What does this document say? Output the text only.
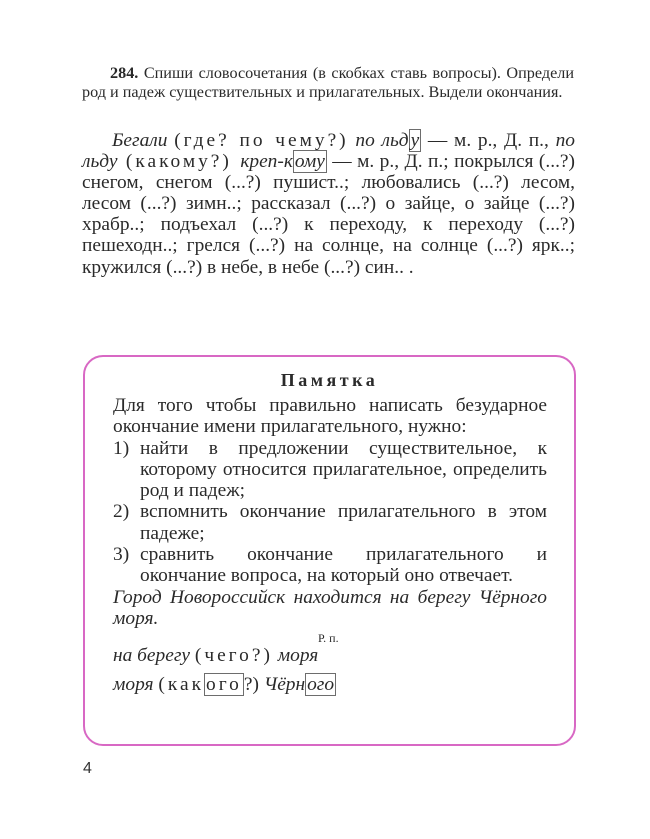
284. Спиши словосочетания (в скобках ставь вопросы). Определи род и падеж существительных и прилагательных. Выдели окончания.

Бегали (где? по чему?) по льд у — м. р., Д. п., по льду (какому?) креп-к ому — м. р., Д. п.; покрылся (...?) снегом, снегом (...?) пушист..; любовались (...?) лесом, лесом (...?) зимн..; рассказал (...?) о зайце, о зайце (...?) храбр..; подъехал (...?) к переходу, к переходу (...?) пешеходн..; грелся (...?) на солнце, на солнце (...?) ярк..; кружился (...?) в небе, в небе (...?) син.. .

Памятка

Для того чтобы правильно написать безударное окончание имени прилагательного, нужно:

1) найти в предложении существительное, к которому относится прилагательное, определить род и падеж;
2) вспомнить окончание прилагательного в этом падеже;
3) сравнить окончание прилагательного и окончание вопроса, на который оно отвечает.

Город Новороссийск находится на берегу Чёрного моря.

Р. п.
на берегу (чего?) моря
моря (как ого ?) Чёрн ого
4
